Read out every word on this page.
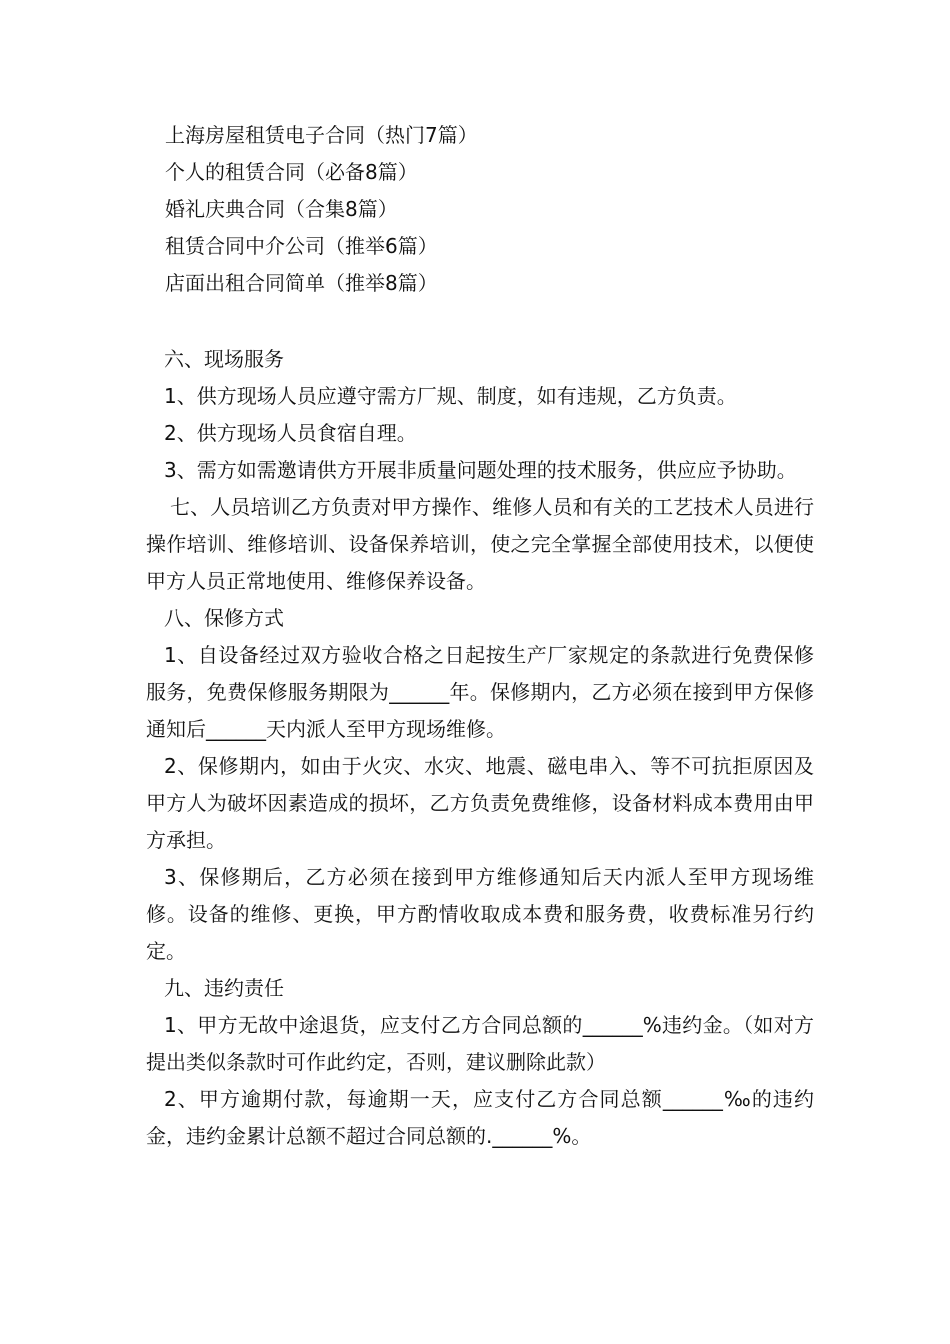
上海房屋租赁电子合同（热门7篇）
个人的租赁合同（必备8篇）
婚礼庆典合同（合集8篇）
租赁合同中介公司（推举6篇）
店面出租合同简单（推举8篇）

六、现场服务

1、供方现场人员应遵守需方厂规、制度，如有违规，乙方负责。

2、供方现场人员食宿自理。

3、需方如需邀请供方开展非质量问题处理的技术服务，供应应予协助。

七、人员培训乙方负责对甲方操作、维修人员和有关的工艺技术人员进行操作培训、维修培训、设备保养培训，使之完全掌握全部使用技术，以便使甲方人员正常地使用、维修保养设备。

八、保修方式

1、自设备经过双方验收合格之日起按生产厂家规定的条款进行免费保修服务，免费保修服务期限为______年。保修期内，乙方必须在接到甲方保修通知后______天内派人至甲方现场维修。

2、保修期内，如由于火灾、水灾、地震、磁电串入、等不可抗拒原因及甲方人为破坏因素造成的损坏，乙方负责免费维修，设备材料成本费用由甲方承担。

3、保修期后，乙方必须在接到甲方维修通知后天内派人至甲方现场维修。设备的维修、更换，甲方酌情收取成本费和服务费，收费标准另行约定。

九、违约责任

1、甲方无故中途退货，应支付乙方合同总额的______%违约金。（如对方提出类似条款时可作此约定，否则，建议删除此款）

2、甲方逾期付款，每逾期一天，应支付乙方合同总额______‰的违约金，违约金累计总额不超过合同总额的.______%。
